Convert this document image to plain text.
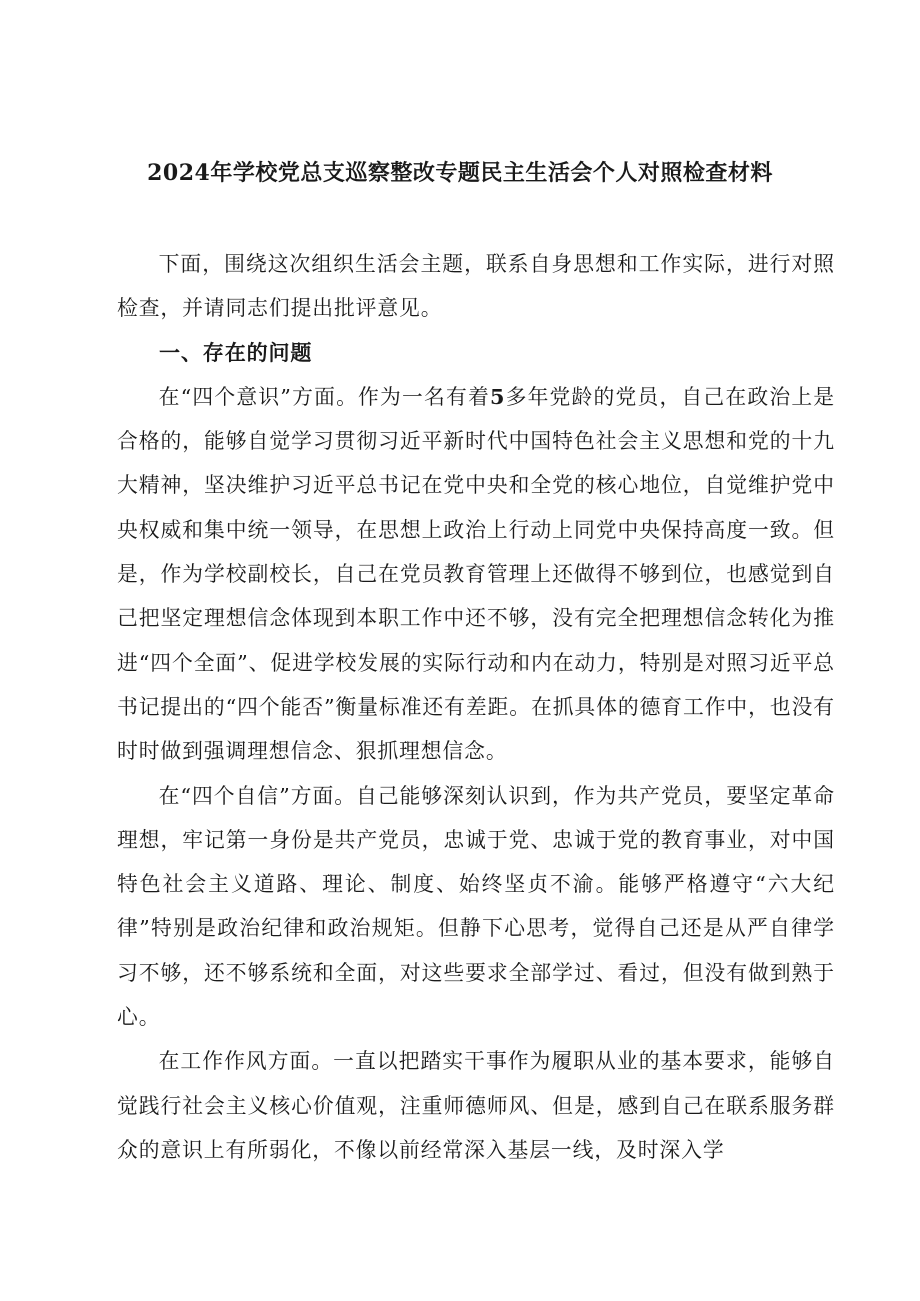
2024年学校党总支巡察整改专题民主生活会个人对照检查材料

下面，围绕这次组织生活会主题，联系自身思想和工作实际，进行对照检查，并请同志们提出批评意见。

一、存在的问题

在“四个意识”方面。作为一名有着5多年党龄的党员，自己在政治上是合格的，能够自觉学习贯彻习近平新时代中国特色社会主义思想和党的十九大精神，坚决维护习近平总书记在党中央和全党的核心地位，自觉维护党中央权威和集中统一领导，在思想上政治上行动上同党中央保持高度一致。但是，作为学校副校长，自己在党员教育管理上还做得不够到位，也感觉到自己把坚定理想信念体现到本职工作中还不够，没有完全把理想信念转化为推进“四个全面”、促进学校发展的实际行动和内在动力，特别是对照习近平总书记提出的“四个能否”衡量标准还有差距。在抓具体的德育工作中，也没有时时做到强调理想信念、狠抓理想信念。

在“四个自信”方面。自己能够深刻认识到，作为共产党员，要坚定革命理想，牢记第一身份是共产党员，忠诚于党、忠诚于党的教育事业，对中国特色社会主义道路、理论、制度、始终坚贞不渝。能够严格遵守“六大纪律”特别是政治纪律和政治规矩。但静下心思考，觉得自己还是从严自律学习不够，还不够系统和全面，对这些要求全部学过、看过，但没有做到熟于心。

在工作作风方面。一直以把踏实干事作为履职从业的基本要求，能够自觉践行社会主义核心价值观，注重师德师风、但是，感到自己在联系服务群众的意识上有所弱化，不像以前经常深入基层一线，及时深入学
